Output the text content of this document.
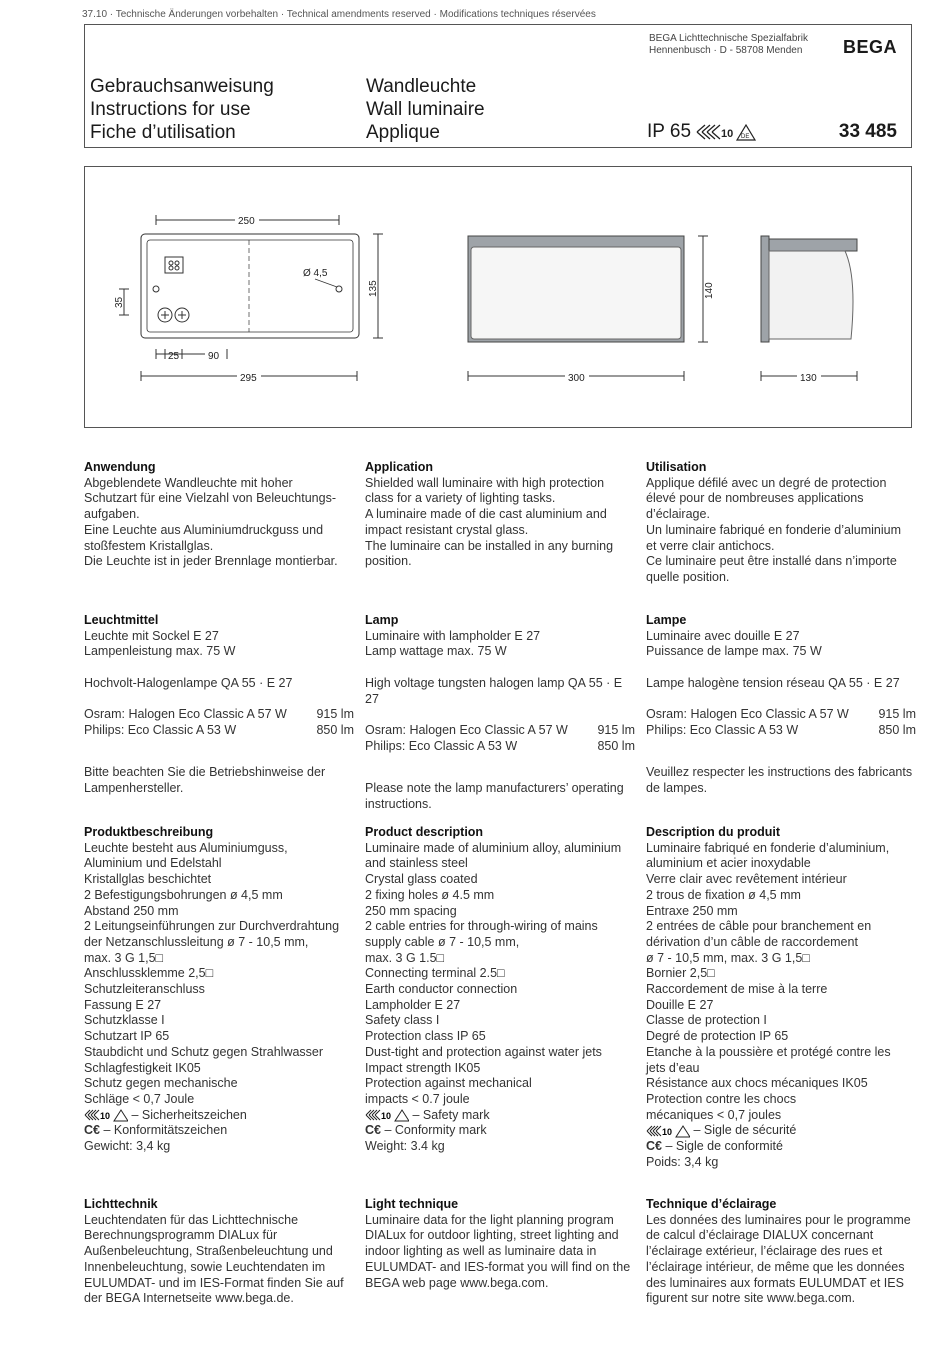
37.10 · Technische Änderungen vorbehalten · Technical amendments reserved · Modifications techniques réservées
BEGA Lichttechnische Spezialfabrik
Hennenbusch · D - 58708 Menden	BEGA
Gebrauchsanweisung
Instructions for use
Fiche d’utilisation
Wandleuchte
Wall luminaire
Applique	IP 65	10 DE	33 485
250
Ø 4,5
135
35
25	90
295	300
140
130

Anwendung

Abgeblendete Wandleuchte mit hoher

Schutzart für eine Vielzahl von Beleuchtungs-

aufgaben.

Eine Leuchte aus Aluminiumdruckguss und

stoßfestem Kristallglas.

Die Leuchte ist in jeder Brennlage montierbar.

Application

Shielded wall luminaire with high protection

class for a variety of lighting tasks.

A luminaire made of die cast aluminium and

impact resistant crystal glass.

The luminaire can be installed in any burning

position.

Utilisation

Applique défilé avec un degré de protection

élevé pour de nombreuses applications

d’éclairage.

Un luminaire fabriqué en fonderie d’aluminium

et verre clair antichocs.

Ce luminaire peut être installé dans n’importe

quelle position.

Leuchtmittel

Leuchte mit Sockel E 27

Lampenleistung max. 75 W

Hochvolt-Halogenlampe QA 55 · E 27

Osram: Halogen Eco Classic A 57 W 915 lm
Philips: Eco Classic A 53 W	850 lm

Bitte beachten Sie die Betriebshinweise der

Lampenhersteller.

Lamp

Luminaire with lampholder E 27

Lamp wattage max. 75 W

High voltage tungsten halogen lamp QA 55 · E 27

Osram: Halogen Eco Classic A 57 W 915 lm
Philips: Eco Classic A 53 W	850 lm

Please note the lamp manufacturers’ operating

instructions.

Lampe

Luminaire avec douille E 27

Puissance de lampe max. 75 W

Lampe halogène tension réseau QA 55 · E 27

Osram: Halogen Eco Classic A 57 W 915 lm
Philips: Eco Classic A 53 W	850 lm

Veuillez respecter les instructions des fabricants

de lampes.

Produktbeschreibung

Leuchte besteht aus Aluminiumguss,

Aluminium und Edelstahl

Kristallglas beschichtet

2 Befestigungsbohrungen ø 4,5 mm

Abstand 250 mm

2 Leitungseinführungen zur Durchverdrahtung

der Netzanschlussleitung ø 7 - 10,5 mm,

max. 3 G 1,5□

Anschlussklemme 2,5□

Schutzleiteranschluss

Fassung E 27

Schutzklasse I

Schutzart IP 65

Staubdicht und Schutz gegen Strahlwasser

Schlagfestigkeit IK05

Schutz gegen mechanische

Schläge < 0,7 Joule

10 – Sicherheitszeichen

C€ – Konformitätszeichen

Gewicht: 3,4 kg

Product description

Luminaire made of aluminium alloy, aluminium

and stainless steel

Crystal glass coated

2 fixing holes ø 4.5 mm

250 mm spacing

2 cable entries for through-wiring of mains

supply cable ø 7 - 10,5 mm,

max. 3 G 1.5□

Connecting terminal 2.5□

Earth conductor connection

Lampholder E 27

Safety class I

Protection class IP 65

Dust-tight and protection against water jets

Impact strength IK05

Protection against mechanical

impacts < 0.7 joule

10 – Safety mark

C€ – Conformity mark

Weight: 3.4 kg

Description du produit

Luminaire fabriqué en fonderie d’aluminium,

aluminium et acier inoxydable

Verre clair avec revêtement intérieur

2 trous de fixation ø 4,5 mm

Entraxe 250 mm

2 entrées de câble pour branchement en

dérivation d’un câble de raccordement

ø 7 - 10,5 mm, max. 3 G 1,5□

Bornier 2,5□

Raccordement de mise à la terre

Douille E 27

Classe de protection I

Degré de protection IP 65

Etanche à la poussière et protégé contre les

jets d’eau

Résistance aux chocs mécaniques IK05

Protection contre les chocs

mécaniques < 0,7 joules

10 – Sigle de sécurité

C€ – Sigle de conformité

Poids: 3,4 kg

Lichttechnik

Leuchtendaten für das Lichttechnische

Berechnungsprogramm DIALux für

Außenbeleuchtung, Straßenbeleuchtung und

Innenbeleuchtung, sowie Leuchtendaten im

EULUMDAT- und im IES-Format finden Sie auf

der BEGA Internetseite www.bega.de.

Light technique

Luminaire data for the light planning program

DIALux for outdoor lighting, street lighting and

indoor lighting as well as luminaire data in

EULUMDAT- and IES-format you will find on the

BEGA web page www.bega.com.

Technique d’éclairage

Les données des luminaires pour le programme

de calcul d’éclairage DIALUX concernant

l’éclairage extérieur, l’éclairage des rues et

l’éclairage intérieur, de même que les données

des luminaires aux formats EULUMDAT et IES

figurent sur notre site www.bega.com.
